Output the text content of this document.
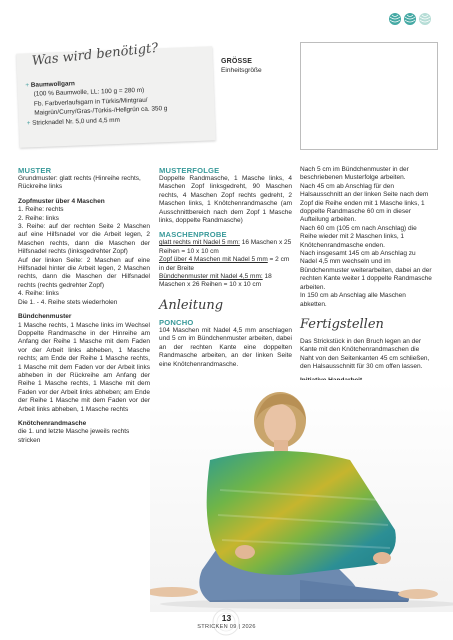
Was wird benötigt?
+ Baumwollgarn
(100 % Baumwolle, LL: 100 g = 280 m)
Fb. Farbverlaufsgarn in Türkis/Mintgrau/
Maigrün/Curry/Gras-/Türkis-/Hellgrün ca. 350 g
+ Stricknadel Nr. 5,0 und 4,5 mm
GRÖSSE
Einheitsgröße
MUSTER

Grundmuster: glatt rechts (Hinreihe rechts, Rückreihe links

Zopfmuster über 4 Maschen

1. Reihe: rechts

2. Reihe: links

3. Reihe: auf der rechten Seite 2 Maschen auf eine Hilfsnadel vor die Arbeit legen, 2 Maschen rechts, dann die Maschen der Hilfsnadel rechts (linksgedrehter Zopf)

Auf der linken Seite: 2 Maschen auf eine Hilfsnadel hinter die Arbeit legen, 2 Maschen rechts, dann die Maschen der Hilfsnadel rechts (rechts gedrehter Zopf)

4. Reihe: links

Die 1. - 4. Reihe stets wiederholen

Bündchenmuster

1 Masche rechts, 1 Masche links im Wechsel Doppelte Randmasche in der Hinreihe am Anfang der Reihe 1 Masche mit dem Faden vor der Arbeit links abheben, 1 Masche rechts; am Ende der Reihe 1 Masche rechts, 1 Masche mit dem Faden vor der Arbeit links abheben in der Rückreihe am Anfang der Reihe 1 Masche rechts, 1 Masche mit dem Faden vor der Arbeit links abheben; am Ende der Reihe 1 Masche mit dem Faden vor der Arbeit links abheben, 1 Masche rechts

Knötchenrandmasche

die 1. und letzte Masche jeweils rechts stricken

MUSTERFOLGE

Doppelte Randmasche, 1 Masche links, 4 Maschen Zopf linksgedreht, 90 Maschen rechts, 4 Maschen Zopf rechts gedreht, 2 Maschen links, 1 Knötchenrandmasche (am Ausschnittbereich nach dem Zopf 1 Masche links, doppelte Randmasche)

MASCHENPROBE

glatt rechts mit Nadel 5 mm: 16 Maschen x 25 Reihen = 10 x 10 cm

Zopf über 4 Maschen mit Nadel 5 mm = 2 cm in der Breite

Bündchenmuster mit Nadel 4,5 mm: 18 Maschen x 26 Reihen = 10 x 10 cm

Anleitung
PONCHO

104 Maschen mit Nadel 4,5 mm anschlagen und 5 cm im Bündchenmuster arbeiten, dabei an der rechten Kante eine doppelten Randmasche arbeiten, an der linken Seite eine Knötchenrandmasche.

Nach 5 cm im Bündchenmuster in der beschriebenen Musterfolge arbeiten.

Nach 45 cm ab Anschlag für den Halsausschnitt an der linken Seite nach dem Zopf die Reihe enden mit 1 Masche links, 1 doppelte Randmasche 60 cm in dieser Aufteilung arbeiten.

Nach 60 cm (105 cm nach Anschlag) die Reihe wieder mit 2 Maschen links, 1 Knötchenrandmasche enden.

Nach insgesamt 145 cm ab Anschlag zu Nadel 4,5 mm wechseln und im Bündchenmuster weiterarbeiten, dabei an der rechten Kante weiter 1 doppelte Randmasche arbeiten.

In 150 cm ab Anschlag alle Maschen abketten.

Fertigstellen

Das Strickstück in den Bruch legen an der Kante mit den Knötchenrandmaschen die Naht von den Seitenkanten 45 cm schließen, den Halsausschnitt für 30 cm offen lassen.

13
STRICKEN 09 | 2026
